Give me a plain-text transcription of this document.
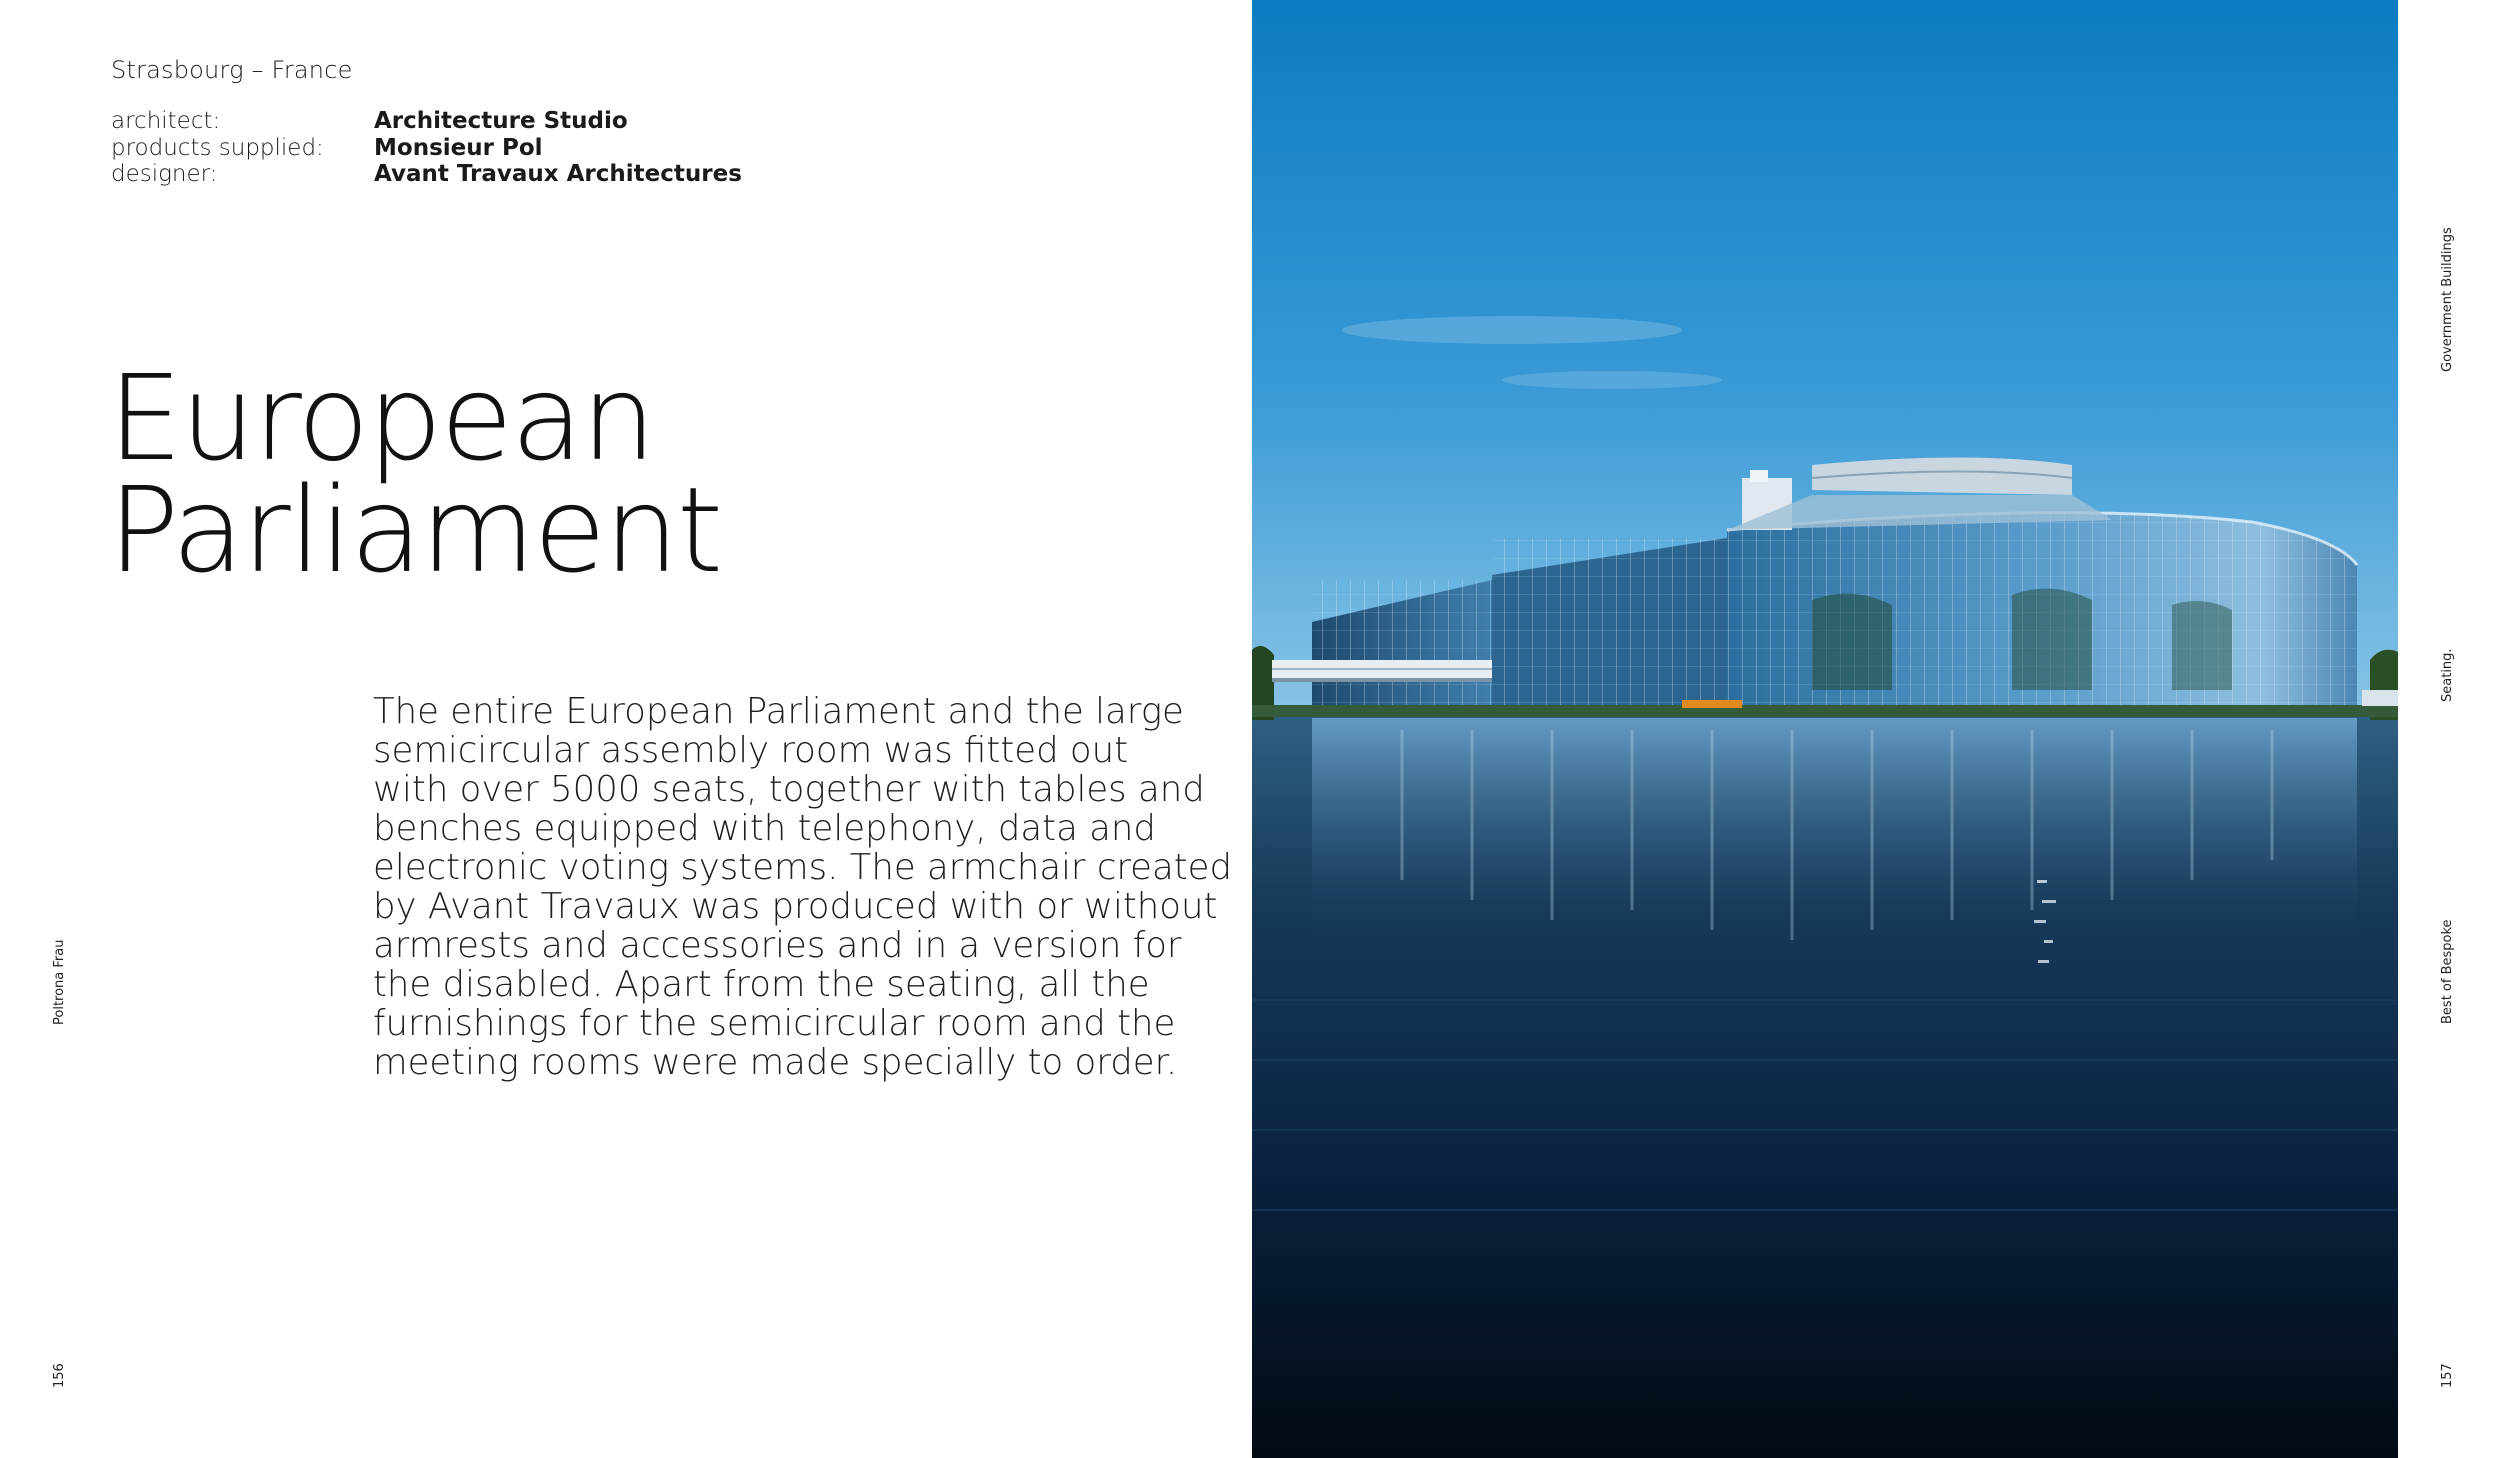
Strasbourg – France
architect:	Architecture Studio
products supplied:	Monsieur Pol
designer:	Avant Travaux Architectures
European
Parliament

The entire European Parliament and the large
semicircular assembly room was fitted out
with over 5000 seats, together with tables and
benches equipped with telephony, data and
electronic voting systems. The armchair created
by Avant Travaux was produced with or without
armrests and accessories and in a version for
the disabled. Apart from the seating, all the
furnishings for the semicircular room and the
meeting rooms were made specially to order.

Poltrona Frau
156
Government Buildings
Seating.
Best of Bespoke
157
